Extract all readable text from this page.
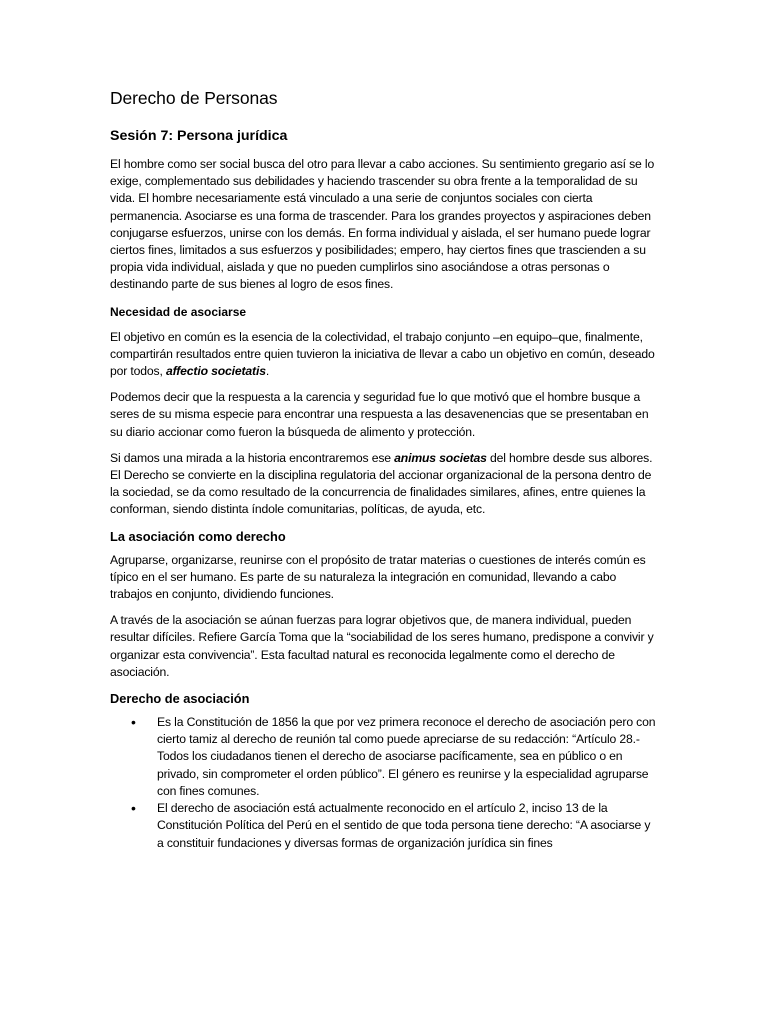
Derecho de Personas
Sesión 7: Persona jurídica

El hombre como ser social busca del otro para llevar a cabo acciones. Su sentimiento gregario así se lo exige, complementado sus debilidades y haciendo trascender su obra frente a la temporalidad de su vida. El hombre necesariamente está vinculado a una serie de conjuntos sociales con cierta permanencia. Asociarse es una forma de trascender. Para los grandes proyectos y aspiraciones deben conjugarse esfuerzos, unirse con los demás. En forma individual y aislada, el ser humano puede lograr ciertos fines, limitados a sus esfuerzos y posibilidades; empero, hay ciertos fines que trascienden a su propia vida individual, aislada y que no pueden cumplirlos sino asociándose a otras personas o destinando parte de sus bienes al logro de esos fines.

Necesidad de asociarse

El objetivo en común es la esencia de la colectividad, el trabajo conjunto –en equipo–que, finalmente, compartirán resultados entre quien tuvieron la iniciativa de llevar a cabo un objetivo en común, deseado por todos, affectio societatis.

Podemos decir que la respuesta a la carencia y seguridad fue lo que motivó que el hombre busque a seres de su misma especie para encontrar una respuesta a las desavenencias que se presentaban en su diario accionar como fueron la búsqueda de alimento y protección.

Si damos una mirada a la historia encontraremos ese animus societas del hombre desde sus albores. El Derecho se convierte en la disciplina regulatoria del accionar organizacional de la persona dentro de la sociedad, se da como resultado de la concurrencia de finalidades similares, afines, entre quienes la conforman, siendo distinta índole comunitarias, políticas, de ayuda, etc.

La asociación como derecho

Agruparse, organizarse, reunirse con el propósito de tratar materias o cuestiones de interés común es típico en el ser humano. Es parte de su naturaleza la integración en comunidad, llevando a cabo trabajos en conjunto, dividiendo funciones.

A través de la asociación se aúnan fuerzas para lograr objetivos que, de manera individual, pueden resultar difíciles. Refiere García Toma que la “sociabilidad de los seres humano, predispone a convivir y organizar esta convivencia”. Esta facultad natural es reconocida legalmente como el derecho de asociación.

Derecho de asociación
• Es la Constitución de 1856 la que por vez primera reconoce el derecho de asociación pero con cierto tamiz al derecho de reunión tal como puede apreciarse de su redacción: “Artículo 28.-Todos los ciudadanos tienen el derecho de asociarse pacíficamente, sea en público o en privado, sin comprometer el orden público”. El género es reunirse y la especialidad agruparse con fines comunes.
• El derecho de asociación está actualmente reconocido en el artículo 2, inciso 13 de la Constitución Política del Perú en el sentido de que toda persona tiene derecho: “A asociarse y a constituir fundaciones y diversas formas de organización jurídica sin fines
